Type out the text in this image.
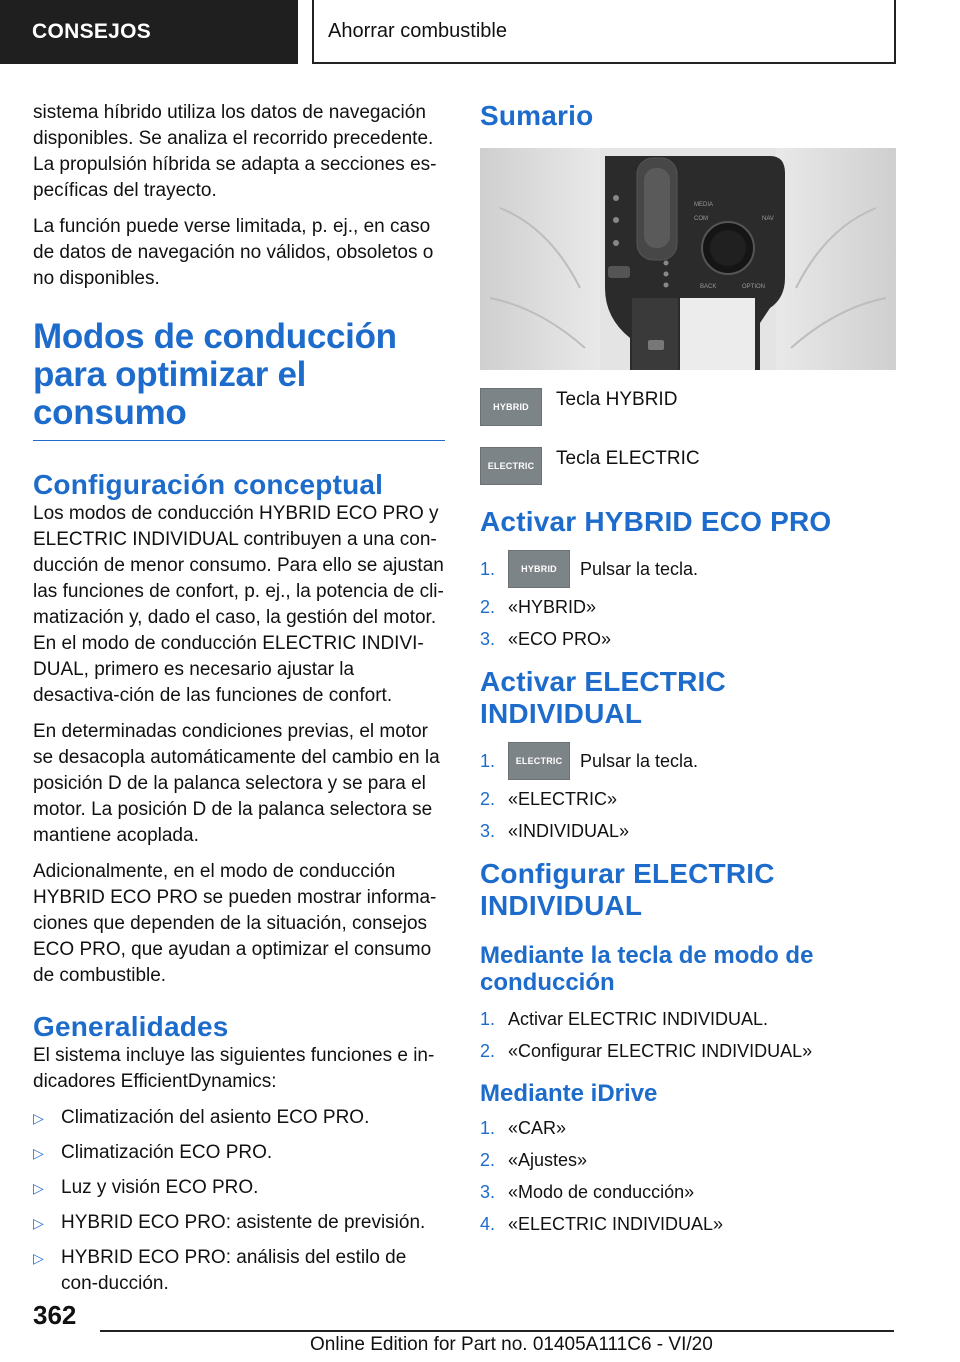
CONSEJOS	Ahorrar combustible

sistema híbrido utiliza los datos de navegación disponibles. Se analiza el recorrido precedente. La propulsión híbrida se adapta a secciones es-pecíficas del trayecto.

La función puede verse limitada, p. ej., en caso de datos de navegación no válidos, obsoletos o no disponibles.

Modos de conducción para optimizar el consumo
Configuración conceptual

Los modos de conducción HYBRID ECO PRO y ELECTRIC INDIVIDUAL contribuyen a una con-ducción de menor consumo. Para ello se ajustan las funciones de confort, p. ej., la potencia de cli-matización y, dado el caso, la gestión del motor. En el modo de conducción ELECTRIC INDIVI-DUAL, primero es necesario ajustar la desactiva-ción de las funciones de confort.

En determinadas condiciones previas, el motor se desacopla automáticamente del cambio en la posición D de la palanca selectora y se para el motor. La posición D de la palanca selectora se mantiene acoplada.

Adicionalmente, en el modo de conducción HYBRID ECO PRO se pueden mostrar informa-ciones que dependen de la situación, consejos ECO PRO, que ayudan a optimizar el consumo de combustible.

Generalidades

El sistema incluye las siguientes funciones e in-dicadores EfficientDynamics:

▷ Climatización del asiento ECO PRO.
▷ Climatización ECO PRO.
▷ Luz y visión ECO PRO.
▷ HYBRID ECO PRO: asistente de previsión.
▷ HYBRID ECO PRO: análisis del estilo de con-ducción.
Sumario
MEDIA
COM	NAV
BACK	OPTION
HYBRID	Tecla HYBRID
ELECTRIC	Tecla ELECTRIC
Activar HYBRID ECO PRO
1.	HYBRID	Pulsar la tecla.
2. «HYBRID»
3. «ECO PRO»
Activar ELECTRIC INDIVIDUAL
1.	ELECTRIC Pulsar la tecla.
2. «ELECTRIC»
3. «INDIVIDUAL»
Configurar ELECTRIC INDIVIDUAL
Mediante la tecla de modo de conducción
1. Activar ELECTRIC INDIVIDUAL.
2. «Configurar ELECTRIC INDIVIDUAL»
Mediante iDrive
1. «CAR»
2. «Ajustes»
3. «Modo de conducción»
4. «ELECTRIC INDIVIDUAL»
362
Online Edition for Part no. 01405A111C6 - VI/20
